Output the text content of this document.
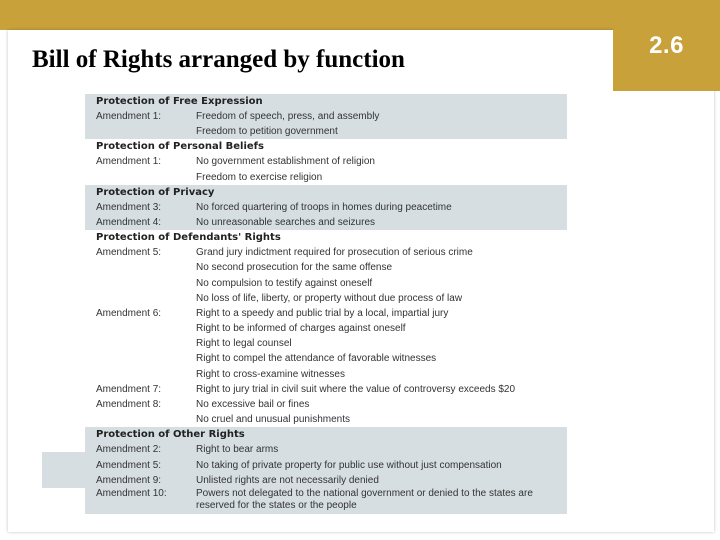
2.6
Bill of Rights arranged by function
Protection of Free Expression
Amendment 1:	Freedom of speech, press, and assembly
Freedom to petition government
Protection of Personal Beliefs
Amendment 1:	No government establishment of religion
Freedom to exercise religion
Protection of Privacy
Amendment 3:	No forced quartering of troops in homes during peacetime
Amendment 4:	No unreasonable searches and seizures
Protection of Defendants' Rights
Amendment 5:	Grand jury indictment required for prosecution of serious crime
No second prosecution for the same offense
No compulsion to testify against oneself
No loss of life, liberty, or property without due process of law
Amendment 6:	Right to a speedy and public trial by a local, impartial jury
Right to be informed of charges against oneself
Right to legal counsel
Right to compel the attendance of favorable witnesses
Right to cross-examine witnesses
Amendment 7:	Right to jury trial in civil suit where the value of controversy exceeds $20
Amendment 8:	No excessive bail or fines
No cruel and unusual punishments
Protection of Other Rights
Amendment 2:	Right to bear arms
Amendment 5:	No taking of private property for public use without just compensation
Amendment 9:	Unlisted rights are not necessarily denied
Amendment 10:	Powers not delegated to the national government or denied to the states are reserved for the states or the people
